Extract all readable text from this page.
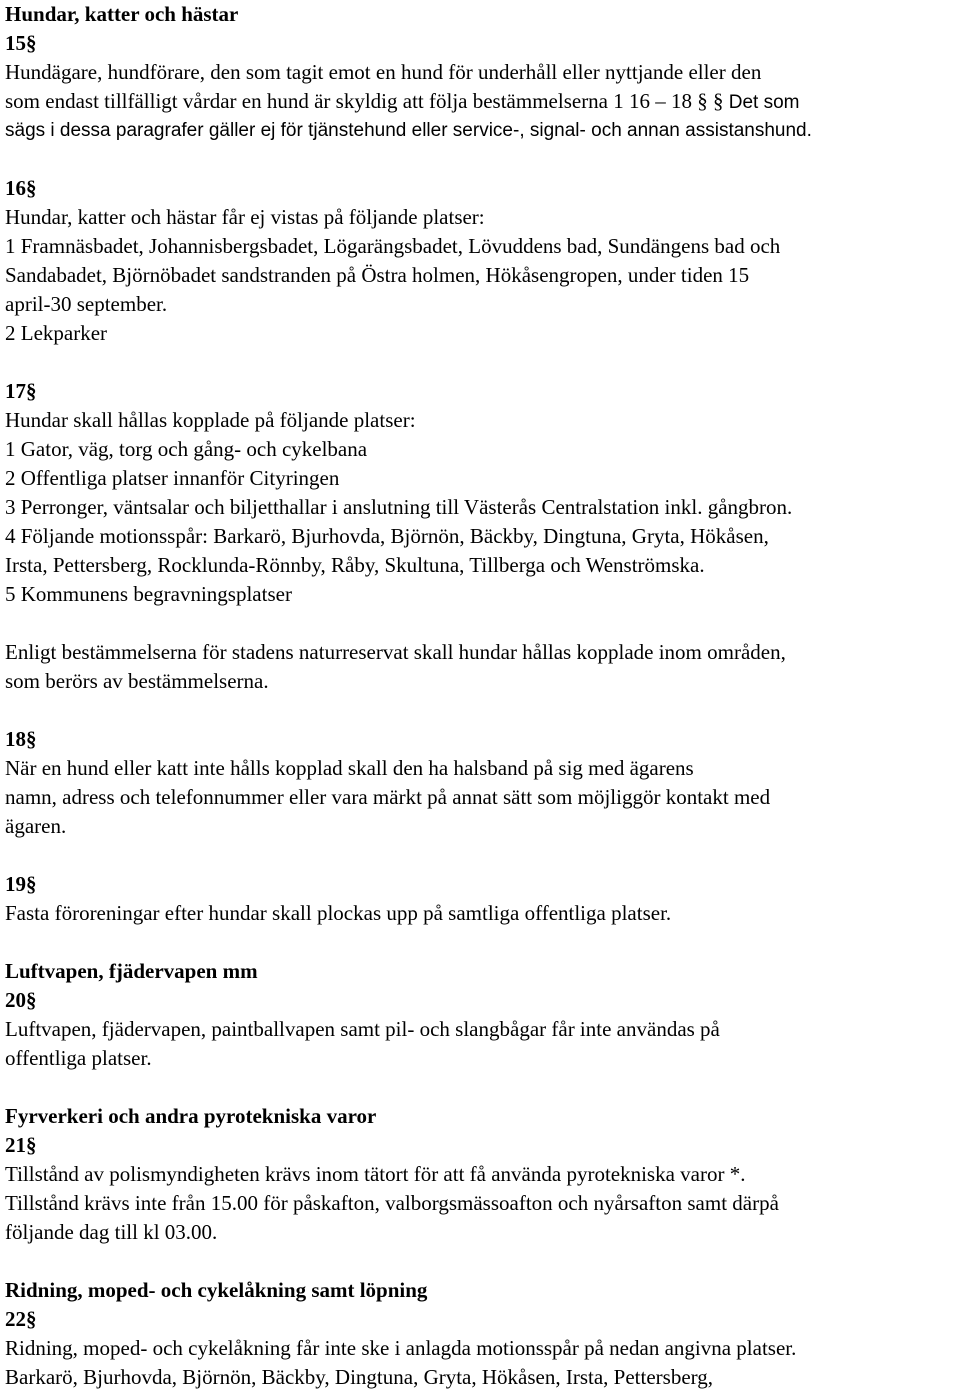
Hundar, katter och hästar
15§
Hundägare, hundförare, den som tagit emot en hund för underhåll eller nyttjande eller den
som endast tillfälligt vårdar en hund är skyldig att följa bestämmelserna 1 16 – 18 § § Det som
sägs i dessa paragrafer gäller ej för tjänstehund eller service-, signal- och annan assistanshund.
16§
Hundar, katter och hästar får ej vistas på följande platser:
1 Framnäsbadet, Johannisbergsbadet, Lögarängsbadet, Lövuddens bad, Sundängens bad och
Sandabadet, Björnöbadet sandstranden på Östra holmen, Hökåsengropen, under tiden 15
april-30 september.
2 Lekparker
17§
Hundar skall hållas kopplade på följande platser:
1 Gator, väg, torg och gång- och cykelbana
2 Offentliga platser innanför Cityringen
3 Perronger, väntsalar och biljetthallar i anslutning till Västerås Centralstation inkl. gångbron.
4 Följande motionsspår: Barkarö, Bjurhovda, Björnön, Bäckby, Dingtuna, Gryta, Hökåsen,
Irsta, Pettersberg, Rocklunda-Rönnby, Råby, Skultuna, Tillberga och Wenströmska.
5 Kommunens begravningsplatser
Enligt bestämmelserna för stadens naturreservat skall hundar hållas kopplade inom områden,
som berörs av bestämmelserna.
18§
När en hund eller katt inte hålls kopplad skall den ha halsband på sig med ägarens
namn, adress och telefonnummer eller vara märkt på annat sätt som möjliggör kontakt med
ägaren.
19§
Fasta föroreningar efter hundar skall plockas upp på samtliga offentliga platser.
Luftvapen, fjädervapen mm
20§
Luftvapen, fjädervapen, paintballvapen samt pil- och slangbågar får inte användas på
offentliga platser.
Fyrverkeri och andra pyrotekniska varor
21§
Tillstånd av polismyndigheten krävs inom tätort för att få använda pyrotekniska varor *.
Tillstånd krävs inte från 15.00 för påskafton, valborgsmässoafton och nyårsafton samt därpå
följande dag till kl 03.00.
Ridning, moped- och cykelåkning samt löpning
22§
Ridning, moped- och cykelåkning får inte ske i anlagda motionsspår på nedan angivna platser.
Barkarö, Bjurhovda, Björnön, Bäckby, Dingtuna, Gryta, Hökåsen, Irsta, Pettersberg,
